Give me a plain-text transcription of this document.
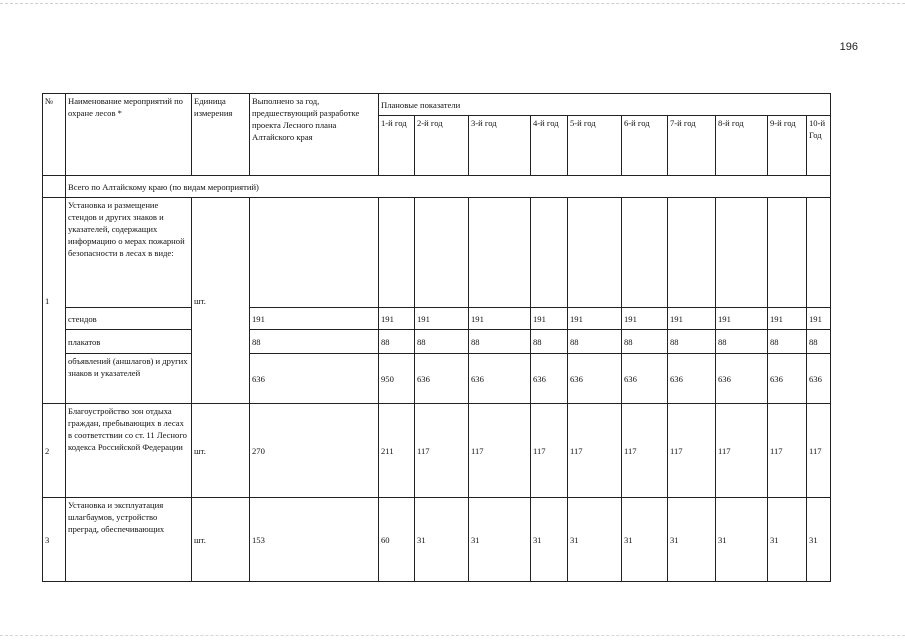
196
№	Наименование мероприятий по охране лесов *	Единица измерения	Выполнено за год, предшествующий разработке проекта Лесного плана Алтайского края	Плановые показатели									
				1-й год	2-й год	3-й год	4-й год	5-й год	6-й год	7-й год	8-й год	9-й год	10-й Год
	Всего по Алтайскому краю (по видам мероприятий)												
1	Установка и размещение стендов и других знаков и указателей, содержащих информацию о мерах пожарной безопасности в лесах в виде:	шт.											
	стендов		191	191	191	191	191	191	191	191	191	191	191
	плакатов		88	88	88	88	88	88	88	88	88	88	88
	объявлений (аншлагов) и других знаков и указателей		636	950	636	636	636	636	636	636	636	636	636
2	Благоустройство зон отдыха граждан, пребывающих в лесах в соответствии со ст. 11 Лесного кодекса Российской Федерации	шт.	270	211	117	117	117	117	117	117	117	117	117
3	Установка и эксплуатация шлагбаумов, устройство преград, обеспечивающих	шт.	153	60	31	31	31	31	31	31	31	31	31
